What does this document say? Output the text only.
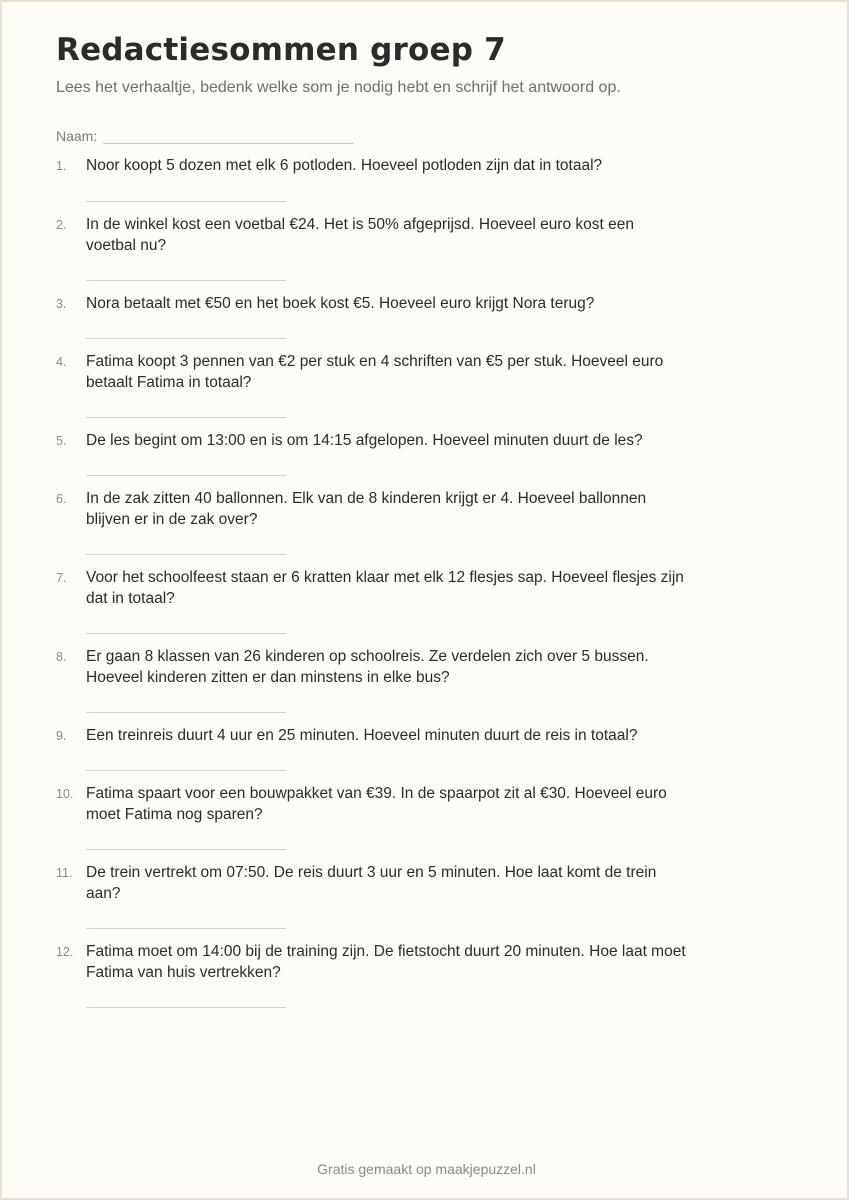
Redactiesommen groep 7

Lees het verhaaltje, bedenk welke som je nodig hebt en schrijf het antwoord op.

Naam:
1. Noor koopt 5 dozen met elk 6 potloden. Hoeveel potloden zijn dat in totaal?
2. In de winkel kost een voetbal €24. Het is 50% afgeprijsd. Hoeveel euro kost een voetbal nu?
3. Nora betaalt met €50 en het boek kost €5. Hoeveel euro krijgt Nora terug?
4. Fatima koopt 3 pennen van €2 per stuk en 4 schriften van €5 per stuk. Hoeveel euro betaalt Fatima in totaal?
5. De les begint om 13:00 en is om 14:15 afgelopen. Hoeveel minuten duurt de les?
6. In de zak zitten 40 ballonnen. Elk van de 8 kinderen krijgt er 4. Hoeveel ballonnen blijven er in de zak over?
7. Voor het schoolfeest staan er 6 kratten klaar met elk 12 flesjes sap. Hoeveel flesjes zijn dat in totaal?
8. Er gaan 8 klassen van 26 kinderen op schoolreis. Ze verdelen zich over 5 bussen. Hoeveel kinderen zitten er dan minstens in elke bus?
9. Een treinreis duurt 4 uur en 25 minuten. Hoeveel minuten duurt de reis in totaal?
10. Fatima spaart voor een bouwpakket van €39. In de spaarpot zit al €30. Hoeveel euro moet Fatima nog sparen?
11. De trein vertrekt om 07:50. De reis duurt 3 uur en 5 minuten. Hoe laat komt de trein aan?
12. Fatima moet om 14:00 bij de training zijn. De fietstocht duurt 20 minuten. Hoe laat moet Fatima van huis vertrekken?
Gratis gemaakt op maakjepuzzel.nl
